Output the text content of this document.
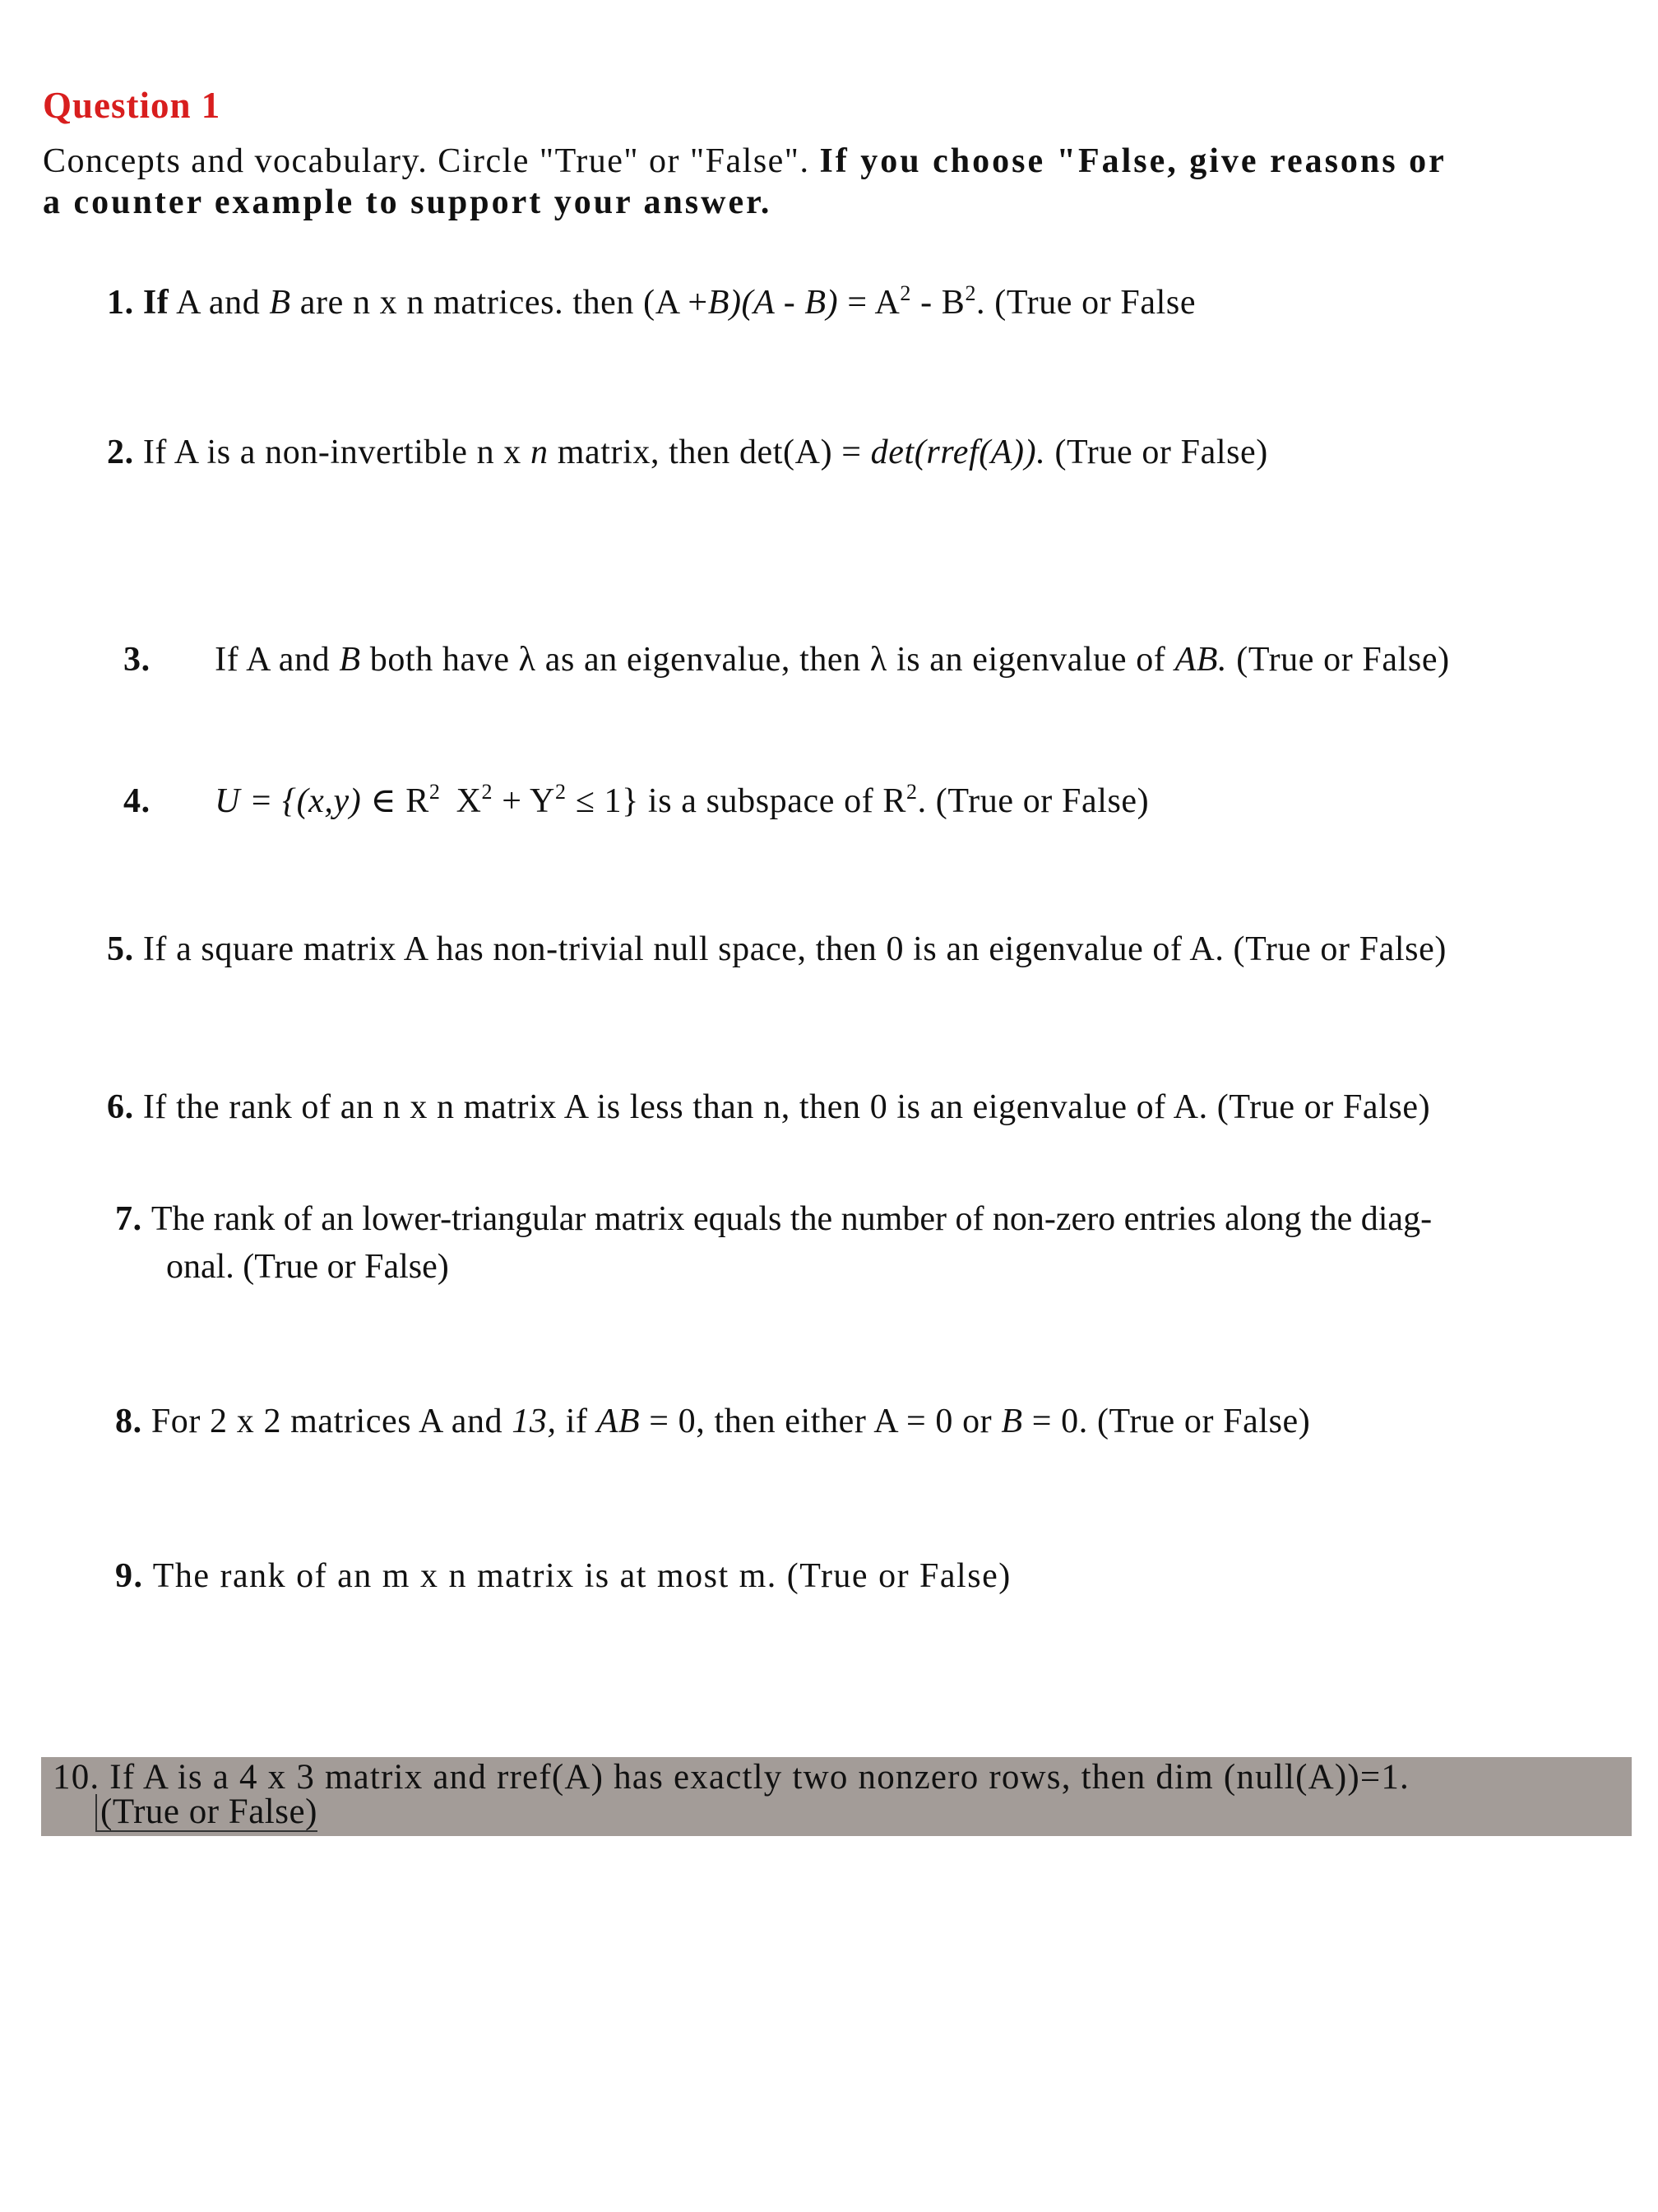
Question 1
Concepts and vocabulary. Circle "True" or "False". If you choose "False, give reasons or
a counter example to support your answer.
1. If A and B are n x n matrices. then $(A +B)(A - B) = A^2 - B^2$. (True or False
2. If A is a non-invertible n x n matrix, then det(A) = det(rref(A)). (True or False)
3. If A and B both have λ as an eigenvalue, then λ is an eigenvalue of AB. (True or False)
4. U = {(x,y) ∈ $R^2$ $X^2 + Y^2 \le 1$} is a subspace of $R^2$. (True or False)
5. If a square matrix A has non-trivial null space, then 0 is an eigenvalue of A. (True or False)
6. If the rank of an n x n matrix A is less than n, then 0 is an eigenvalue of A. (True or False)
7. The rank of an lower-triangular matrix equals the number of non-zero entries along the diag-
onal. (True or False)
8. For 2 x 2 matrices A and 13, if AB = 0, then either A = 0 or B = 0. (True or False)
9. The rank of an m x n matrix is at most m. (True or False)
10. If A is a 4 x 3 matrix and rref(A) has exactly two nonzero rows, then dim (null(A))=1.
(True or False)
